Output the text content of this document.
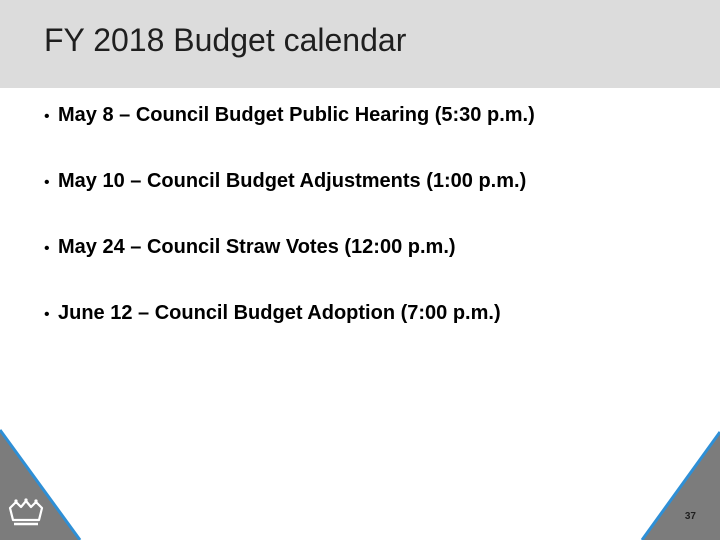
FY 2018 Budget calendar
• May 8 – Council Budget Public Hearing (5:30 p.m.)
• May 10 – Council Budget Adjustments (1:00 p.m.)
• May 24 – Council Straw Votes (12:00 p.m.)
• June 12 – Council Budget Adoption (7:00 p.m.)
37
